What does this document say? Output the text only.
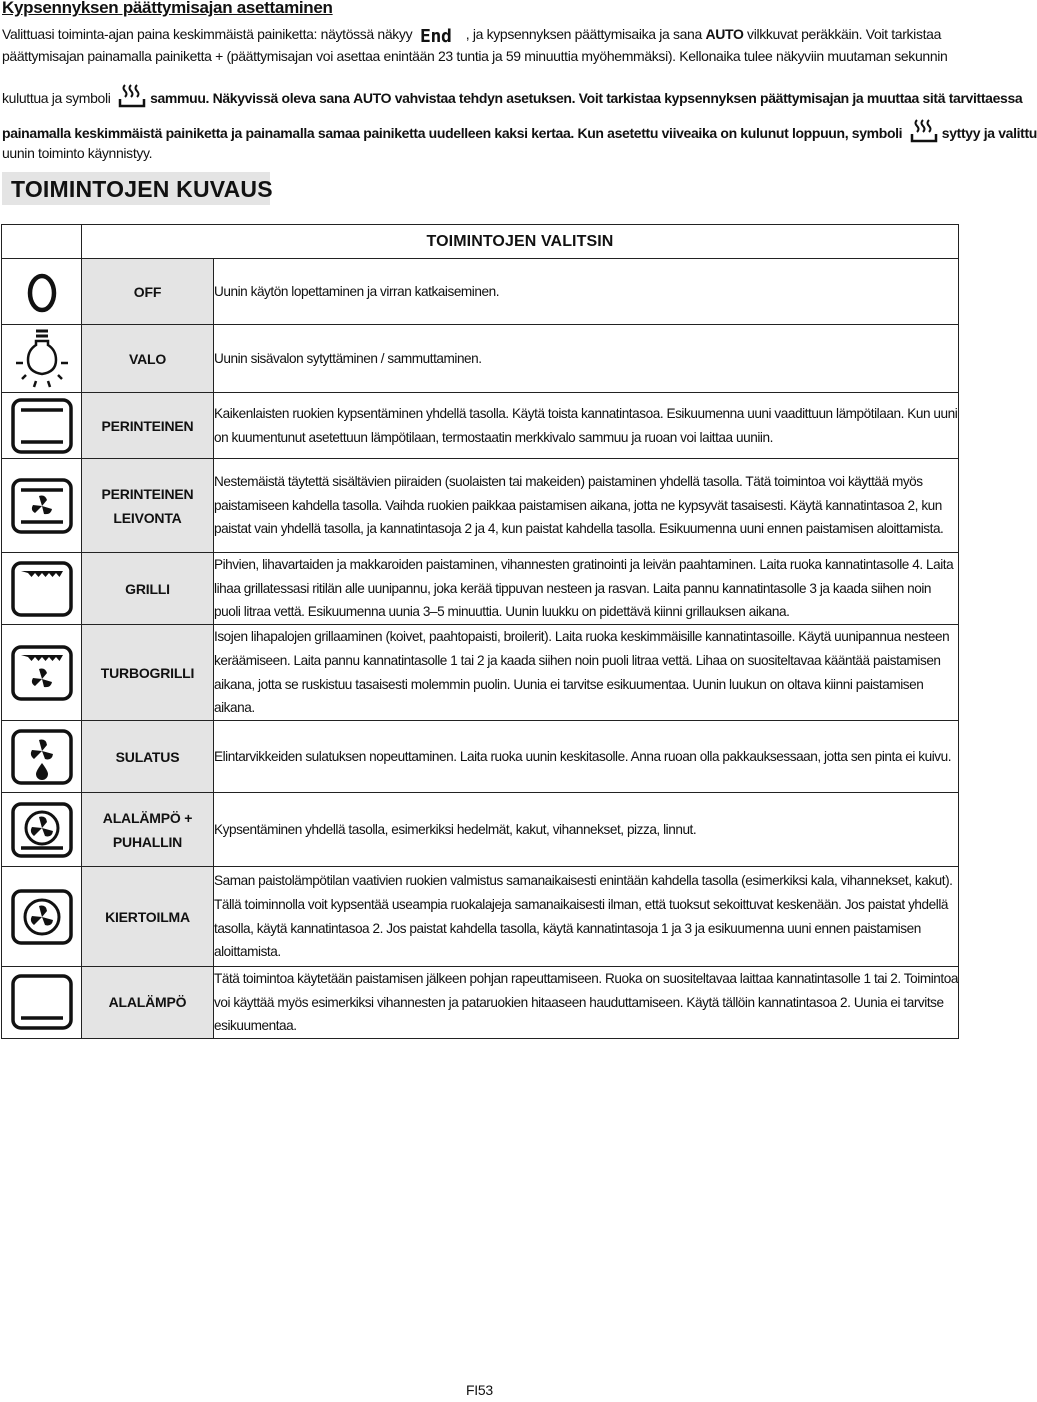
Kypsennyksen päättymisajan asettaminen
Valittuasi toiminta-ajan paina keskimmäistä painiketta: näytössä näkyy End , ja kypsennyksen päättymisaika ja sana AUTO vilkkuvat peräkkäin. Voit tarkistaa
päättymisajan painamalla painiketta + (päättymisajan voi asettaa enintään 23 tuntia ja 59 minuuttia myöhemmäksi). Kellonaika tulee näkyviin muutaman sekunnin
kuluttua ja symboli	sammuu. Näkyvissä oleva sana AUTO vahvistaa tehdyn asetuksen. Voit tarkistaa kypsennyksen päättymisajan ja muuttaa sitä tarvittaessa
painamalla keskimmäistä painiketta ja painamalla samaa painiketta uudelleen kaksi kertaa. Kun asetettu viiveaika on kulunut loppuun, symboli	syttyy ja valittu
uunin toiminto käynnistyy.
TOIMINTOJEN KUVAUS
	TOIMINTOJEN VALITSIN	

OFF	Uunin käytön lopettaminen ja virran katkaiseminen.

VALO	Uunin sisävalon sytyttäminen / sammuttaminen.

PERINTEINEN	Kaikenlaisten ruokien kypsentäminen yhdellä tasolla. Käytä toista kannatintasoa. Esikuumenna uuni vaadittuun lämpötilaan. Kun uuni on kuumentunut asetettuun lämpötilaan, termostaatin merkkivalo sammuu ja ruoan voi laittaa uuniin.

PERINTEINEN
LEIVONTA	Nestemäistä täytettä sisältävien piiraiden (suolaisten tai makeiden) paistaminen yhdellä tasolla. Tätä toimintoa voi käyttää myös paistamiseen kahdella tasolla. Vaihda ruokien paikkaa paistamisen aikana, jotta ne kypsyvät tasaisesti. Käytä kannatintasoa 2, kun paistat vain yhdellä tasolla, ja kannatintasoja 2 ja 4, kun paistat kahdella tasolla. Esikuumenna uuni ennen paistamisen aloittamista.

GRILLI	Pihvien, lihavartaiden ja makkaroiden paistaminen, vihannesten gratinointi ja leivän paahtaminen. Laita ruoka kannatintasolle 4. Laita lihaa grillatessasi ritilän alle uunipannu, joka kerää tippuvan nesteen ja rasvan. Laita pannu kannatintasolle 3 ja kaada siihen noin puoli litraa vettä. Esikuumenna uunia 3–5 minuuttia. Uunin luukku on pidettävä kiinni grillauksen aikana.

TURBOGRILLI	Isojen lihapalojen grillaaminen (koivet, paahtopaisti, broilerit). Laita ruoka keskimmäisille kannatintasoille. Käytä uunipannua nesteen keräämiseen. Laita pannu kannatintasolle 1 tai 2 ja kaada siihen noin puoli litraa vettä. Lihaa on suositeltavaa kääntää paistamisen aikana, jotta se ruskistuu tasaisesti molemmin puolin. Uunia ei tarvitse esikuumentaa. Uunin luukun on oltava kiinni paistamisen aikana.

SULATUS	Elintarvikkeiden sulatuksen nopeuttaminen. Laita ruoka uunin keskitasolle. Anna ruoan olla pakkauksessaan, jotta sen pinta ei kuivu.

ALALÄMPÖ +
PUHALLIN	Kypsentäminen yhdellä tasolla, esimerkiksi hedelmät, kakut, vihannekset, pizza, linnut.

KIERTOILMA	Saman paistolämpötilan vaativien ruokien valmistus samanaikaisesti enintään kahdella tasolla (esimerkiksi kala, vihannekset, kakut). Tällä toiminnolla voit kypsentää useampia ruokalajeja samanaikaisesti ilman, että tuoksut sekoittuvat keskenään. Jos paistat yhdellä tasolla, käytä kannatintasoa 2. Jos paistat kahdella tasolla, käytä kannatintasoja 1 ja 3 ja esikuumenna uuni ennen paistamisen aloittamista.

ALALÄMPÖ	Tätä toimintoa käytetään paistamisen jälkeen pohjan rapeuttamiseen. Ruoka on suositeltavaa laittaa kannatintasolle 1 tai 2. Toimintoa voi käyttää myös esimerkiksi vihannesten ja pataruokien hitaaseen hauduttamiseen. Käytä tällöin kannatintasoa 2. Uunia ei tarvitse esikuumentaa.
FI53
